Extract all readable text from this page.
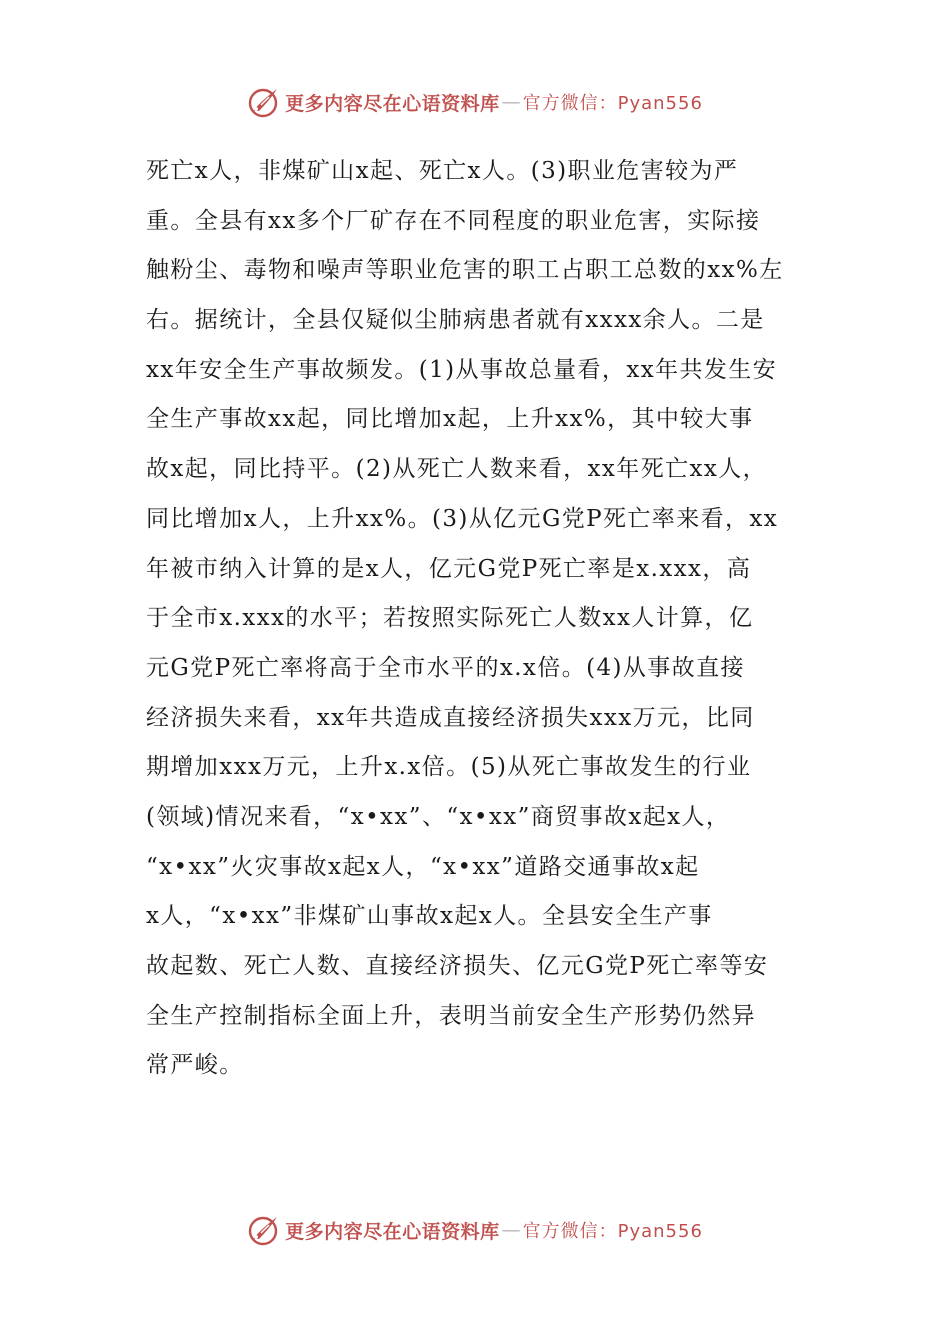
更多内容尽在心语资料库 — 官方微信：Pyan556
死亡x人，非煤矿山x起、死亡x人。(3)职业危害较为严
重。全县有xx多个厂矿存在不同程度的职业危害，实际接
触粉尘、毒物和噪声等职业危害的职工占职工总数的xx%左
右。据统计，全县仅疑似尘肺病患者就有xxxx余人。二是
xx年安全生产事故频发。(1)从事故总量看，xx年共发生安
全生产事故xx起，同比增加x起，上升xx%，其中较大事
故x起，同比持平。(2)从死亡人数来看，xx年死亡xx人，
同比增加x人，上升xx%。(3)从亿元G党P死亡率来看，xx
年被市纳入计算的是x人，亿元G党P死亡率是x.xxx，高
于全市x.xxx的水平；若按照实际死亡人数xx人计算，亿
元G党P死亡率将高于全市水平的x.x倍。(4)从事故直接
经济损失来看，xx年共造成直接经济损失xxx万元，比同
期增加xxx万元，上升x.x倍。(5)从死亡事故发生的行业
(领域)情况来看，“x•xx”、“x•xx”商贸事故x起x人，
“x•xx”火灾事故x起x人，“x•xx”道路交通事故x起
x人，“x•xx”非煤矿山事故x起x人。全县安全生产事
故起数、死亡人数、直接经济损失、亿元G党P死亡率等安
全生产控制指标全面上升，表明当前安全生产形势仍然异
常严峻。
更多内容尽在心语资料库 — 官方微信：Pyan556
